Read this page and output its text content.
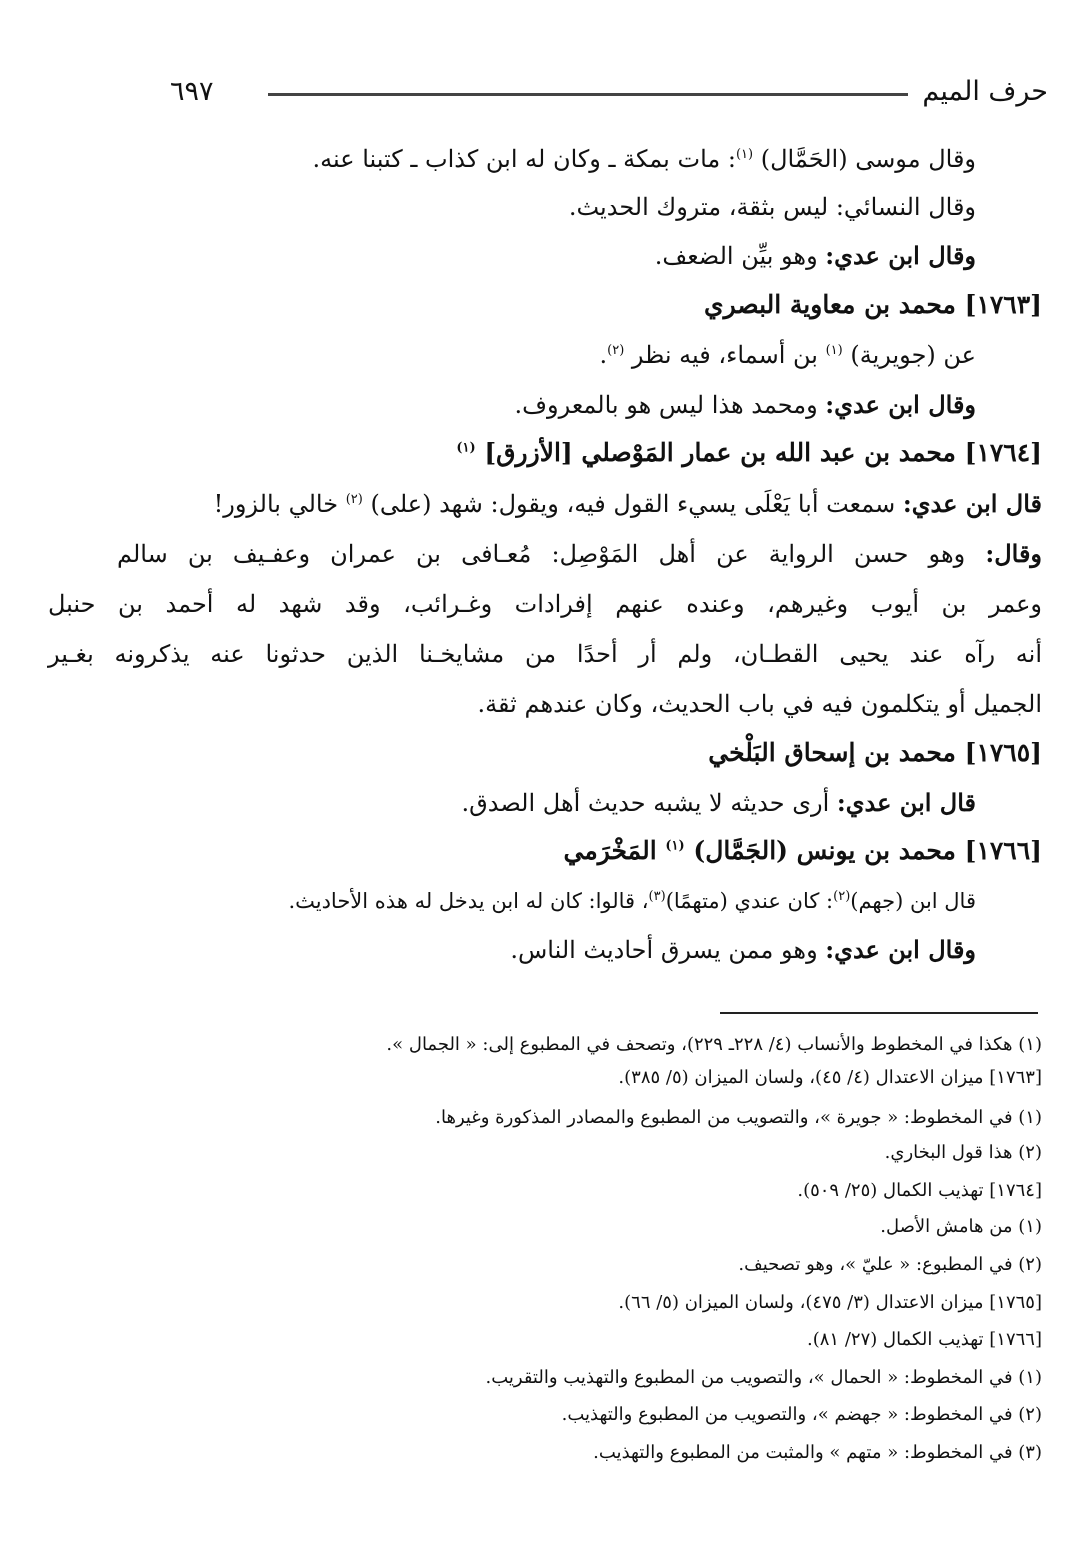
٦٩٧	حرف الميم
وقال موسى (الحَمَّال) $^{(١)}$: مات بمكة ـ وكان له ابن كذاب ـ كتبنا عنه.
وقال النسائي: ليس بثقة، متروك الحديث.
وقال ابن عدي: وهو بيِّن الضعف.
[١٧٦٣] محمد بن معاوية البصري
عن (جويرية) $^{(١)}$ بن أسماء، فيه نظر $^{(٢)}$.
وقال ابن عدي: ومحمد هذا ليس هو بالمعروف.
[١٧٦٤] محمد بن عبد الله بن عمار المَوْصلي [الأزرق] $^{(١)}$
قال ابن عدي: سمعت أبا يَعْلَى يسيء القول فيه، ويقول: شهد (على) $^{(٢)}$ خالي بالزور!
وقال: وهو حسن الرواية عن أهل المَوْصِل: مُعـافى بن عمران وعفـيف بن سالم
وعمر بن أيوب وغيرهم، وعنده عنهم إفرادات وغـرائب، وقد شهد له أحمد بن حنبل
أنه رآه عند يحيى القطـان، ولم أر أحدًا من مشايخـنا الذين حدثونا عنه يذكرونه بغـير
الجميل أو يتكلمون فيه في باب الحديث، وكان عندهم ثقة.
[١٧٦٥] محمد بن إسحاق البَلْخي
قال ابن عدي: أرى حديثه لا يشبه حديث أهل الصدق.
[١٧٦٦] محمد بن يونس (الجَمَّال) $^{(١)}$ المَخْرَمي
قال ابن (جهم)$^{(٢)}$: كان عندي (متهمًا)$^{(٣)}$، قالوا: كان له ابن يدخل له هذه الأحاديث.
وقال ابن عدي: وهو ممن يسرق أحاديث الناس.
(١) هكذا في المخطوط والأنساب (٤/ ٢٢٨ـ ٢٢٩)، وتصحف في المطبوع إلى: « الجمال ».
[١٧٦٣] ميزان الاعتدال (٤/ ٤٥)، ولسان الميزان (٥/ ٣٨٥).
(١) في المخطوط: « جويرة »، والتصويب من المطبوع والمصادر المذكورة وغيرها.
(٢) هذا قول البخاري.
[١٧٦٤] تهذيب الكمال (٢٥/ ٥٠٩).
(١) من هامش الأصل.
(٢) في المطبوع: « عليّ »، وهو تصحيف.
[١٧٦٥] ميزان الاعتدال (٣/ ٤٧٥)، ولسان الميزان (٥/ ٦٦).
[١٧٦٦] تهذيب الكمال (٢٧/ ٨١).
(١) في المخطوط: « الحمال »، والتصويب من المطبوع والتهذيب والتقريب.
(٢) في المخطوط: « جهضم »، والتصويب من المطبوع والتهذيب.
(٣) في المخطوط: « متهم » والمثبت من المطبوع والتهذيب.
